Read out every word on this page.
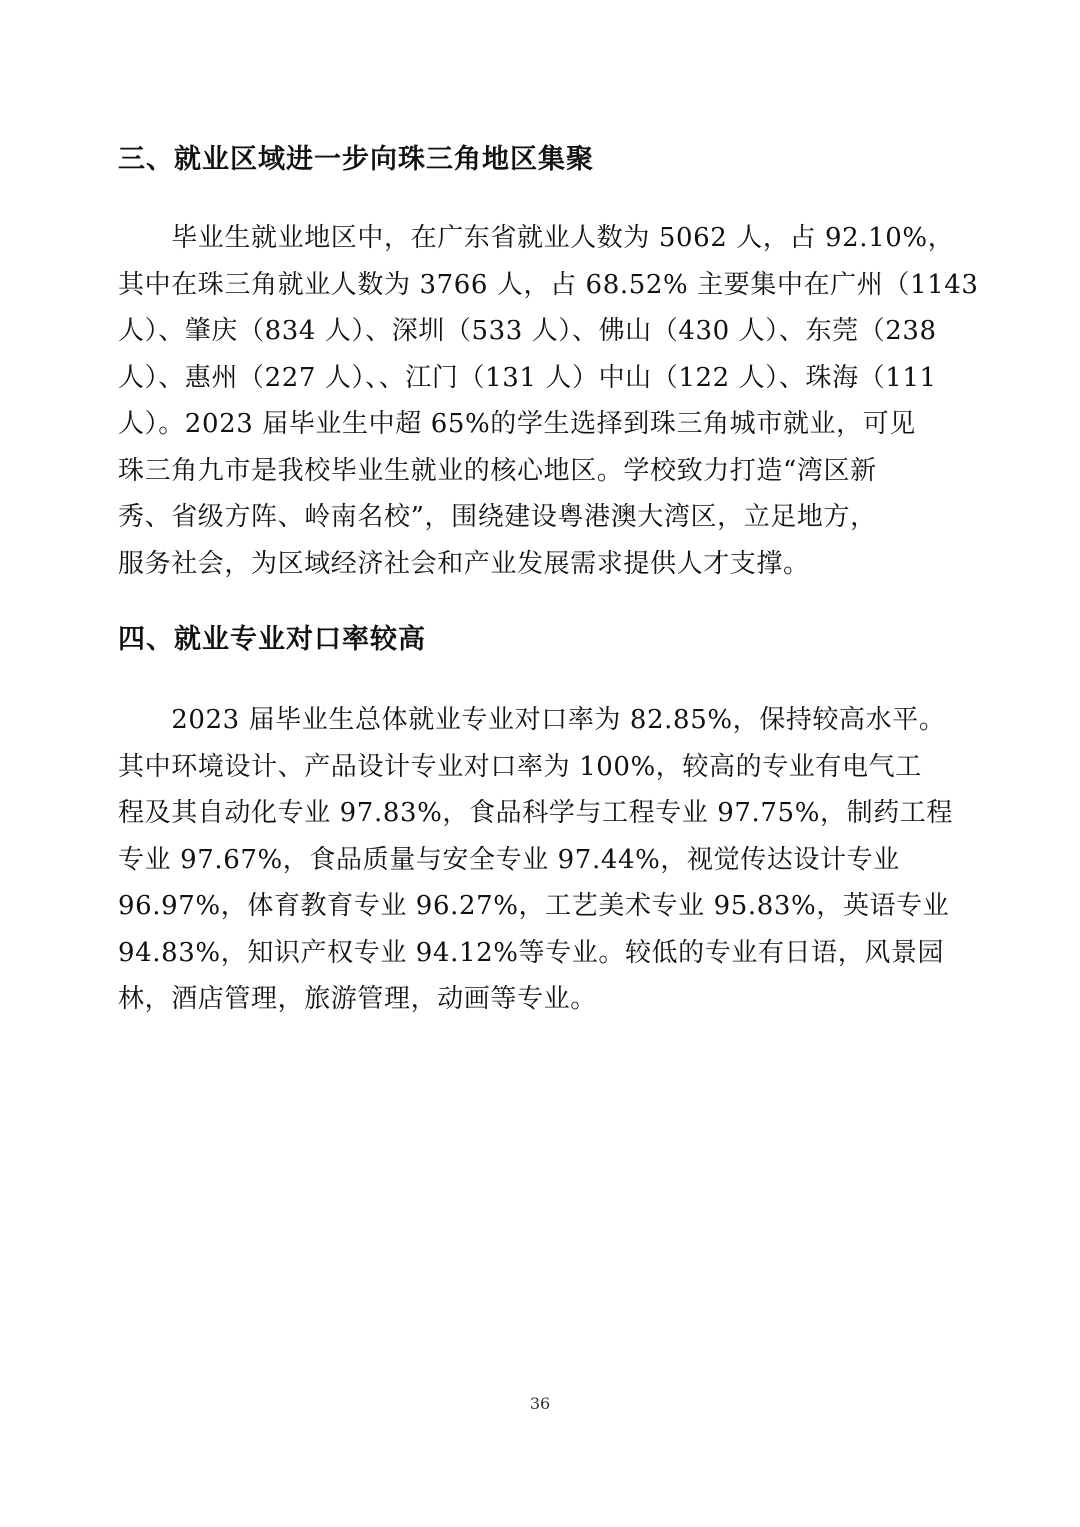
三、就业区域进一步向珠三角地区集聚

　　毕业生就业地区中，在广东省就业人数为 5062 人，占 92.10%，
其中在珠三角就业人数为 3766 人，占 68.52% 主要集中在广州（1143
人）、肇庆（834 人）、深圳（533 人）、佛山（430 人）、东莞（238
人）、惠州（227 人）、、江门（131 人）中山（122 人）、珠海（111
人）。2023 届毕业生中超 65%的学生选择到珠三角城市就业，可见
珠三角九市是我校毕业生就业的核心地区。学校致力打造“湾区新
秀、省级方阵、岭南名校”，围绕建设粤港澳大湾区，立足地方，
服务社会，为区域经济社会和产业发展需求提供人才支撑。

四、就业专业对口率较高

　　2023 届毕业生总体就业专业对口率为 82.85%，保持较高水平。
其中环境设计、产品设计专业对口率为 100%，较高的专业有电气工
程及其自动化专业 97.83%，食品科学与工程专业 97.75%，制药工程
专业 97.67%，食品质量与安全专业 97.44%，视觉传达设计专业
96.97%，体育教育专业 96.27%，工艺美术专业 95.83%，英语专业
94.83%，知识产权专业 94.12%等专业。较低的专业有日语，风景园
林，酒店管理，旅游管理，动画等专业。

36
